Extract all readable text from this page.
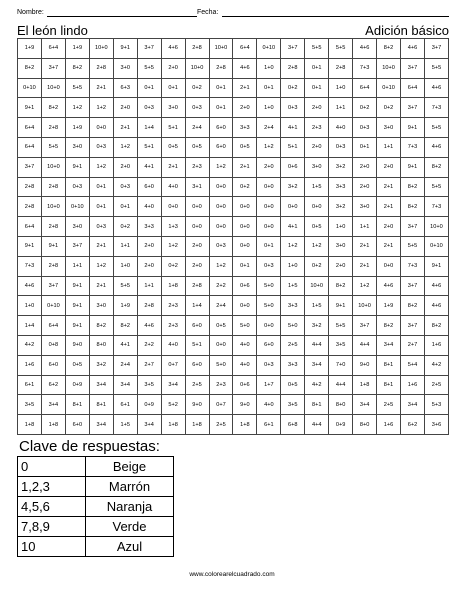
Nombre:	Fecha:
El león lindo	Adición básico
1+9	6+4	1+9	10+0	9+1	3+7	4+6	2+8	10+0	6+4	0+10	3+7	5+5	5+5	4+6	8+2	4+6	3+7
8+2	3+7	8+2	2+8	3+0	5+5	2+0	10+0	2+8	4+6	1+0	2+8	0+1	2+8	7+3	10+0	3+7	5+5
0+10	10+0	5+5	2+1	6+3	0+1	0+1	0+2	0+1	2+1	0+1	0+2	0+1	1+0	6+4	0+10	6+4	4+6
9+1	8+2	1+2	1+2	2+0	0+3	3+0	0+3	0+1	2+0	1+0	0+3	2+0	1+1	0+2	0+2	3+7	7+3
6+4	2+8	1+9	0+0	2+1	1+4	5+1	2+4	6+0	3+3	2+4	4+1	2+3	4+0	0+3	3+0	9+1	5+5
6+4	5+5	3+0	0+3	1+2	5+1	0+5	0+5	6+0	0+5	1+2	5+1	2+0	0+3	0+1	1+1	7+3	4+6
3+7	10+0	9+1	1+2	2+0	4+1	2+1	2+3	1+2	2+1	2+0	0+6	3+0	3+2	2+0	2+0	9+1	8+2
2+8	2+8	0+3	0+1	0+3	6+0	4+0	3+1	0+0	0+2	0+0	3+2	1+5	3+3	2+0	2+1	8+2	5+5
2+8	10+0	0+10	0+1	0+1	4+0	0+0	0+0	0+0	0+0	0+0	0+0	0+0	3+2	3+0	2+1	8+2	7+3
6+4	2+8	3+0	0+3	0+2	3+3	1+3	0+0	0+0	0+0	0+0	4+1	0+5	1+0	1+1	2+0	3+7	10+0
9+1	9+1	3+7	2+1	1+1	2+0	1+2	2+0	0+3	0+0	0+1	1+2	1+2	3+0	2+1	2+1	5+5	0+10
7+3	2+8	1+1	1+2	1+0	2+0	0+2	2+0	1+2	0+1	0+3	1+0	0+2	2+0	2+1	0+0	7+3	9+1
4+6	3+7	9+1	2+1	5+5	1+1	1+8	2+8	2+2	0+6	5+0	1+5	10+0	8+2	1+2	4+6	3+7	4+6
1+0	0+10	9+1	3+0	1+9	2+8	2+3	1+4	2+4	0+0	5+0	3+3	1+5	9+1	10+0	1+9	8+2	4+6
1+4	6+4	9+1	8+2	8+2	4+6	2+3	6+0	0+5	5+0	0+0	5+0	3+2	5+5	3+7	8+2	3+7	8+2
4+2	0+8	9+0	8+0	4+1	2+2	4+0	5+1	0+0	4+0	6+0	2+5	4+4	3+5	4+4	3+4	2+7	1+6
1+6	6+0	0+5	3+2	2+4	2+7	0+7	6+0	5+0	4+0	0+3	3+3	3+4	7+0	9+0	8+1	5+4	4+2
6+1	6+2	0+9	3+4	3+4	3+5	3+4	2+5	2+3	0+6	1+7	0+5	4+2	4+4	1+8	8+1	1+6	2+5
3+5	3+4	8+1	8+1	6+1	0+9	5+2	9+0	0+7	9+0	4+0	3+5	8+1	8+0	3+4	2+5	3+4	5+3
1+8	1+8	6+0	3+4	1+5	3+4	1+8	1+8	2+5	1+8	6+1	6+8	4+4	0+9	8+0	1+6	6+2	3+6
Clave de respuestas:
0	Beige
1,2,3	Marrón
4,5,6	Naranja
7,8,9	Verde
10	Azul
www.colorearelcuadrado.com
